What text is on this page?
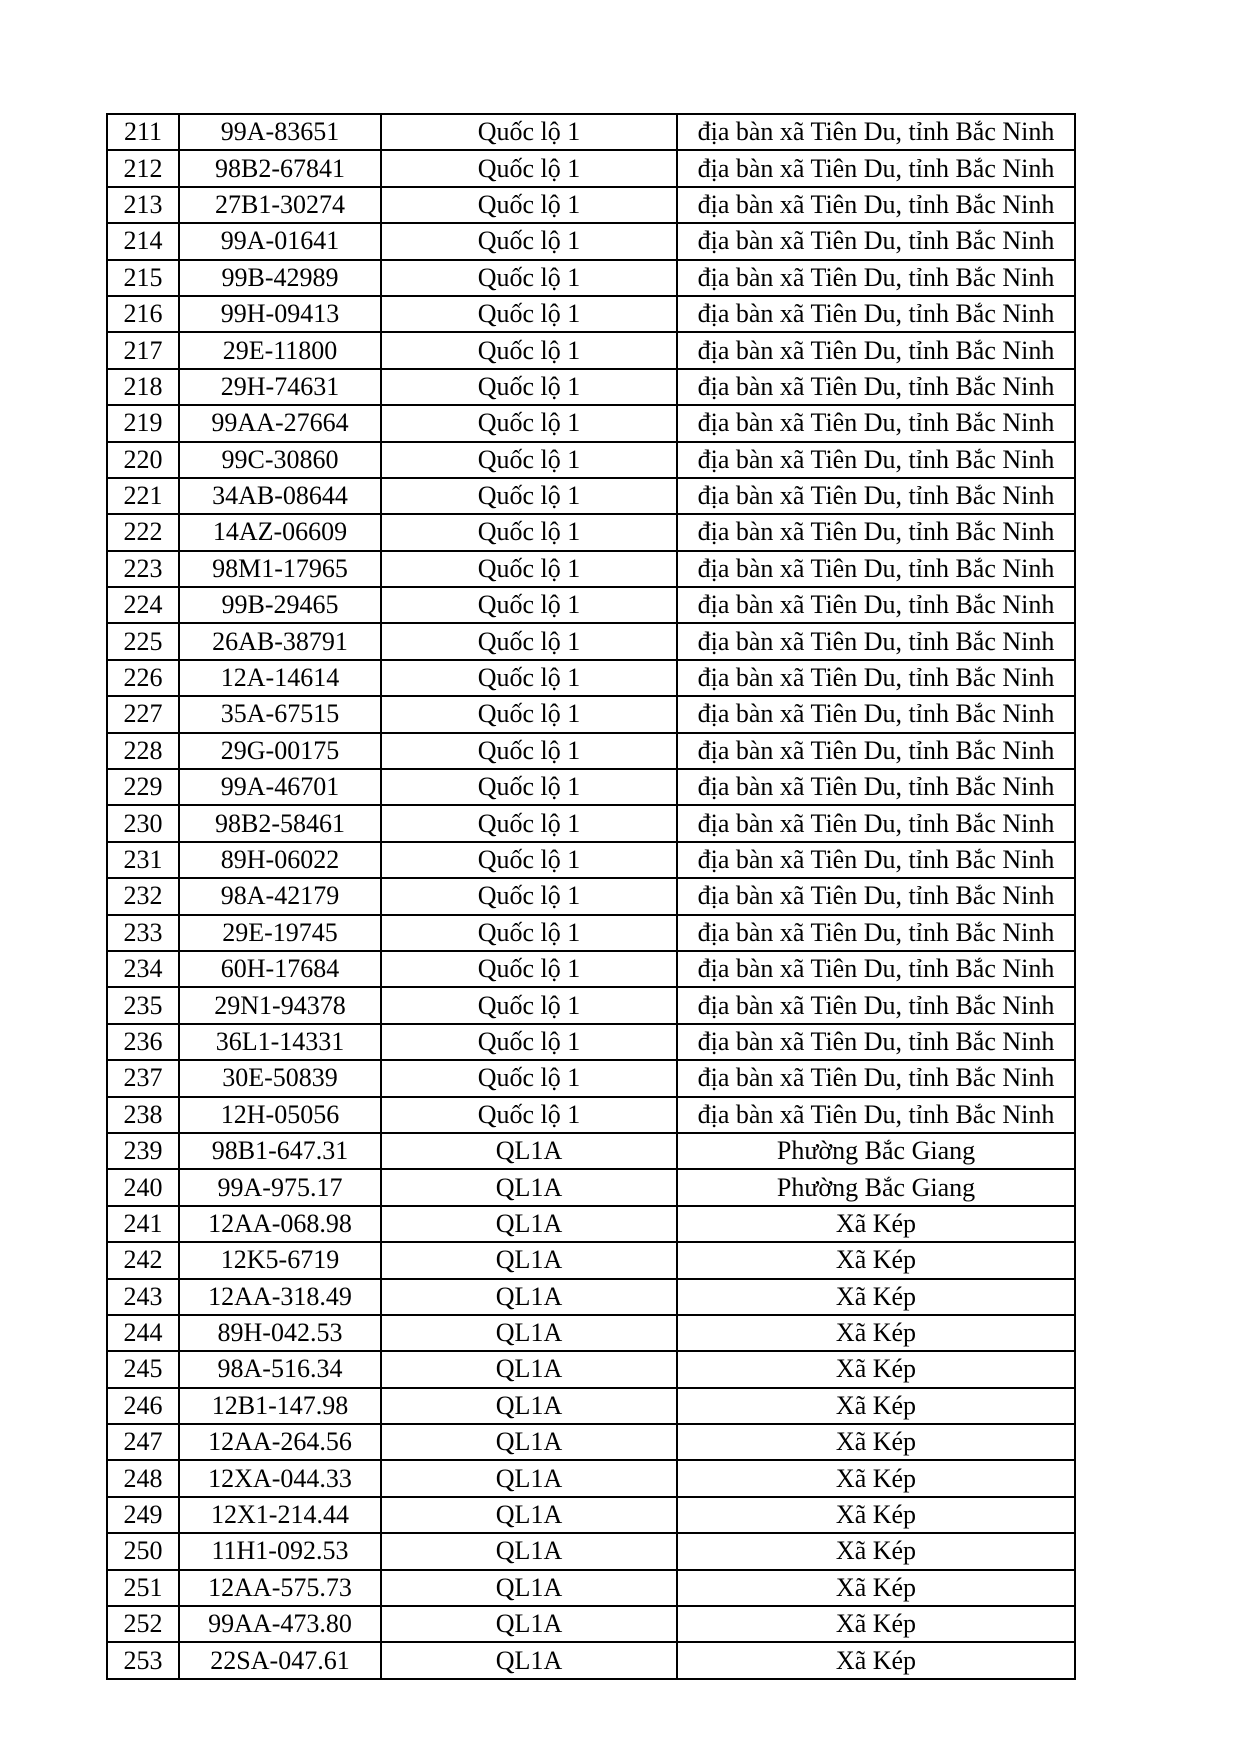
211	99A-83651	Quốc lộ 1	địa bàn xã Tiên Du, tỉnh Bắc Ninh
212	98B2-67841	Quốc lộ 1	địa bàn xã Tiên Du, tỉnh Bắc Ninh
213	27B1-30274	Quốc lộ 1	địa bàn xã Tiên Du, tỉnh Bắc Ninh
214	99A-01641	Quốc lộ 1	địa bàn xã Tiên Du, tỉnh Bắc Ninh
215	99B-42989	Quốc lộ 1	địa bàn xã Tiên Du, tỉnh Bắc Ninh
216	99H-09413	Quốc lộ 1	địa bàn xã Tiên Du, tỉnh Bắc Ninh
217	29E-11800	Quốc lộ 1	địa bàn xã Tiên Du, tỉnh Bắc Ninh
218	29H-74631	Quốc lộ 1	địa bàn xã Tiên Du, tỉnh Bắc Ninh
219	99AA-27664	Quốc lộ 1	địa bàn xã Tiên Du, tỉnh Bắc Ninh
220	99C-30860	Quốc lộ 1	địa bàn xã Tiên Du, tỉnh Bắc Ninh
221	34AB-08644	Quốc lộ 1	địa bàn xã Tiên Du, tỉnh Bắc Ninh
222	14AZ-06609	Quốc lộ 1	địa bàn xã Tiên Du, tỉnh Bắc Ninh
223	98M1-17965	Quốc lộ 1	địa bàn xã Tiên Du, tỉnh Bắc Ninh
224	99B-29465	Quốc lộ 1	địa bàn xã Tiên Du, tỉnh Bắc Ninh
225	26AB-38791	Quốc lộ 1	địa bàn xã Tiên Du, tỉnh Bắc Ninh
226	12A-14614	Quốc lộ 1	địa bàn xã Tiên Du, tỉnh Bắc Ninh
227	35A-67515	Quốc lộ 1	địa bàn xã Tiên Du, tỉnh Bắc Ninh
228	29G-00175	Quốc lộ 1	địa bàn xã Tiên Du, tỉnh Bắc Ninh
229	99A-46701	Quốc lộ 1	địa bàn xã Tiên Du, tỉnh Bắc Ninh
230	98B2-58461	Quốc lộ 1	địa bàn xã Tiên Du, tỉnh Bắc Ninh
231	89H-06022	Quốc lộ 1	địa bàn xã Tiên Du, tỉnh Bắc Ninh
232	98A-42179	Quốc lộ 1	địa bàn xã Tiên Du, tỉnh Bắc Ninh
233	29E-19745	Quốc lộ 1	địa bàn xã Tiên Du, tỉnh Bắc Ninh
234	60H-17684	Quốc lộ 1	địa bàn xã Tiên Du, tỉnh Bắc Ninh
235	29N1-94378	Quốc lộ 1	địa bàn xã Tiên Du, tỉnh Bắc Ninh
236	36L1-14331	Quốc lộ 1	địa bàn xã Tiên Du, tỉnh Bắc Ninh
237	30E-50839	Quốc lộ 1	địa bàn xã Tiên Du, tỉnh Bắc Ninh
238	12H-05056	Quốc lộ 1	địa bàn xã Tiên Du, tỉnh Bắc Ninh
239	98B1-647.31	QL1A	Phường Bắc Giang
240	99A-975.17	QL1A	Phường Bắc Giang
241	12AA-068.98	QL1A	Xã Kép
242	12K5-6719	QL1A	Xã Kép
243	12AA-318.49	QL1A	Xã Kép
244	89H-042.53	QL1A	Xã Kép
245	98A-516.34	QL1A	Xã Kép
246	12B1-147.98	QL1A	Xã Kép
247	12AA-264.56	QL1A	Xã Kép
248	12XA-044.33	QL1A	Xã Kép
249	12X1-214.44	QL1A	Xã Kép
250	11H1-092.53	QL1A	Xã Kép
251	12AA-575.73	QL1A	Xã Kép
252	99AA-473.80	QL1A	Xã Kép
253	22SA-047.61	QL1A	Xã Kép
